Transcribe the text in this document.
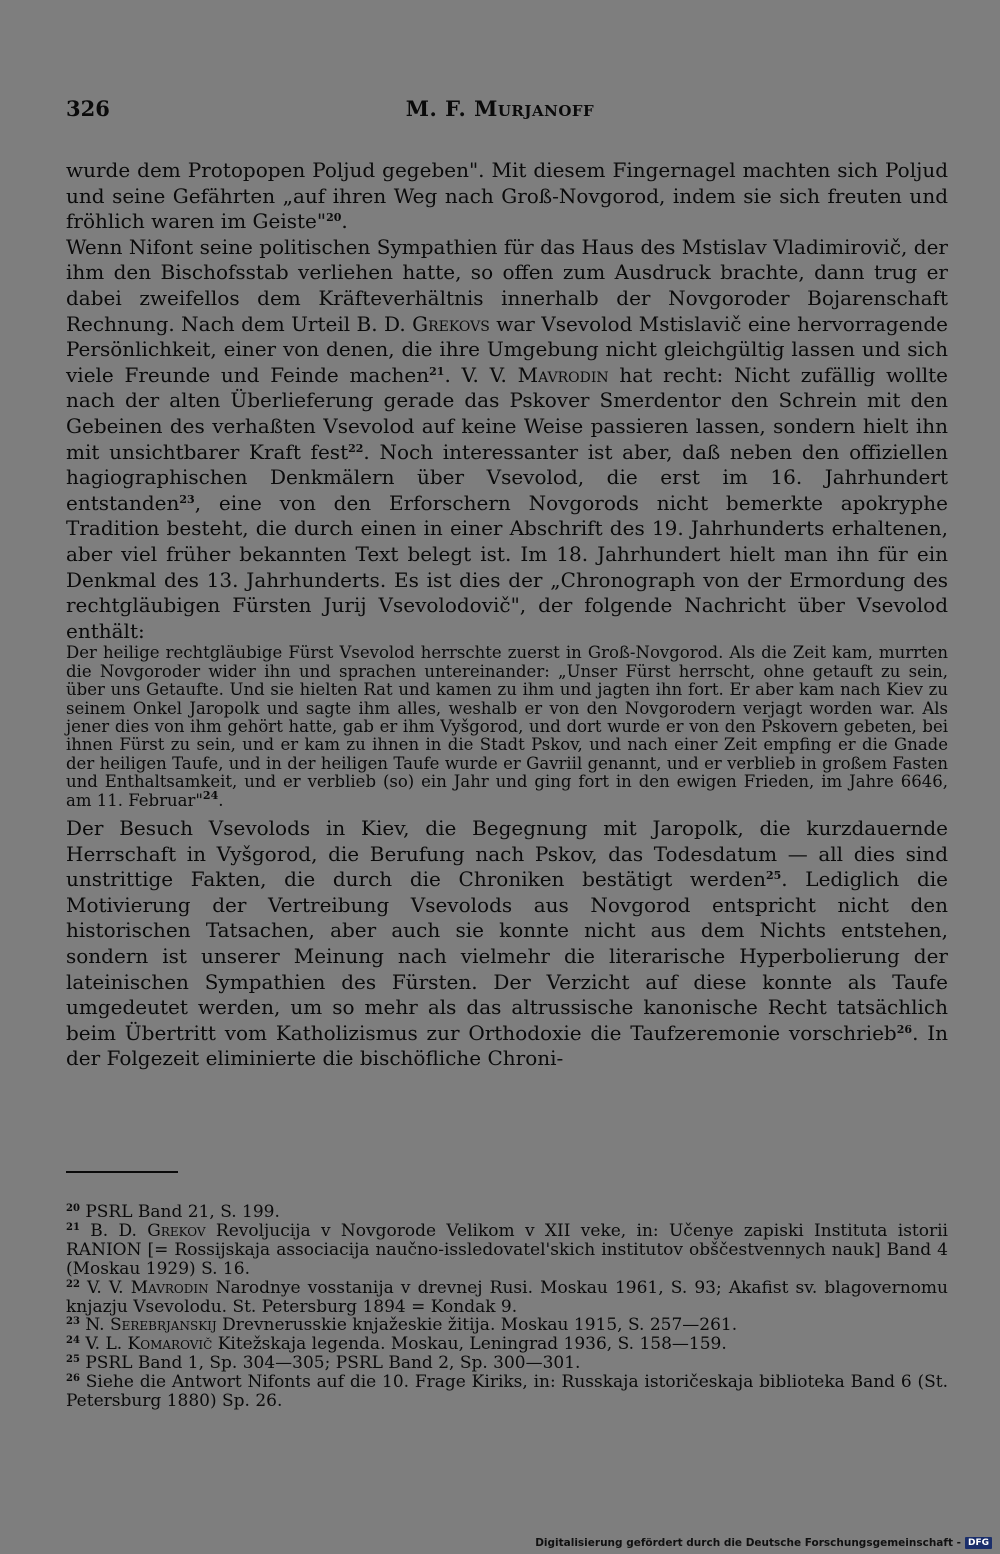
326	M. F. Murjanoff

wurde dem Protopopen Poljud gegeben". Mit diesem Fingernagel machten sich Poljud und seine Gefährten „auf ihren Weg nach Groß-Novgorod, indem sie sich freuten und fröhlich waren im Geiste"$^{20}$.

Wenn Nifont seine politischen Sympathien für das Haus des Mstislav Vladimirovič, der ihm den Bischofsstab verliehen hatte, so offen zum Ausdruck brachte, dann trug er dabei zweifellos dem Kräfteverhältnis innerhalb der Novgoroder Bojarenschaft Rechnung. Nach dem Urteil B. D. Grekovs war Vsevolod Mstislavič eine hervorragende Persönlichkeit, einer von denen, die ihre Umgebung nicht gleichgültig lassen und sich viele Freunde und Feinde machen$^{21}$. V. V. Mavrodin hat recht: Nicht zufällig wollte nach der alten Überlieferung gerade das Pskover Smerdentor den Schrein mit den Gebeinen des verhaßten Vsevolod auf keine Weise passieren lassen, sondern hielt ihn mit unsichtbarer Kraft fest$^{22}$. Noch interessanter ist aber, daß neben den offiziellen hagiographischen Denkmälern über Vsevolod, die erst im 16. Jahrhundert entstanden$^{23}$, eine von den Erforschern Novgorods nicht bemerkte apokryphe Tradition besteht, die durch einen in einer Abschrift des 19. Jahrhunderts erhaltenen, aber viel früher bekannten Text belegt ist. Im 18. Jahrhundert hielt man ihn für ein Denkmal des 13. Jahrhunderts. Es ist dies der „Chronograph von der Ermordung des rechtgläubigen Fürsten Jurij Vsevolodovič", der folgende Nachricht über Vsevolod enthält:

Der heilige rechtgläubige Fürst Vsevolod herrschte zuerst in Groß-Novgorod. Als die Zeit kam, murrten die Novgoroder wider ihn und sprachen untereinander: „Unser Fürst herrscht, ohne getauft zu sein, über uns Getaufte. Und sie hielten Rat und kamen zu ihm und jagten ihn fort. Er aber kam nach Kiev zu seinem Onkel Jaropolk und sagte ihm alles, weshalb er von den Novgorodern verjagt worden war. Als jener dies von ihm gehört hatte, gab er ihm Vyšgorod, und dort wurde er von den Pskovern gebeten, bei ihnen Fürst zu sein, und er kam zu ihnen in die Stadt Pskov, und nach einer Zeit empfing er die Gnade der heiligen Taufe, und in der heiligen Taufe wurde er Gavriil genannt, und er verblieb in großem Fasten und Enthaltsamkeit, und er verblieb (so) ein Jahr und ging fort in den ewigen Frieden, im Jahre 6646, am 11. Februar"$^{24}$.

Der Besuch Vsevolods in Kiev, die Begegnung mit Jaropolk, die kurzdauernde Herrschaft in Vyšgorod, die Berufung nach Pskov, das Todesdatum — all dies sind unstrittige Fakten, die durch die Chroniken bestätigt werden$^{25}$. Lediglich die Motivierung der Vertreibung Vsevolods aus Novgorod entspricht nicht den historischen Tatsachen, aber auch sie konnte nicht aus dem Nichts entstehen, sondern ist unserer Meinung nach vielmehr die literarische Hyperbolierung der lateinischen Sympathien des Fürsten. Der Verzicht auf diese konnte als Taufe umgedeutet werden, um so mehr als das altrussische kanonische Recht tatsächlich beim Übertritt vom Katholizismus zur Orthodoxie die Taufzeremonie vorschrieb$^{26}$. In der Folgezeit eliminierte die bischöfliche Chroni-

$^{20}$ PSRL Band 21, S. 199.

$^{21}$ B. D. Grekov Revoljucija v Novgorode Velikom v XII veke, in: Učenye zapiski Instituta istorii RANION [= Rossijskaja associacija naučno-issledovatel'skich institutov obščestvennych nauk] Band 4 (Moskau 1929) S. 16.

$^{22}$ V. V. Mavrodin Narodnye vosstanija v drevnej Rusi. Moskau 1961, S. 93; Akafist sv. blagovernomu knjazju Vsevolodu. St. Petersburg 1894 = Kondak 9.

$^{23}$ N. Serebrjanskij Drevnerusskie knjažeskie žitija. Moskau 1915, S. 257—261.

$^{24}$ V. L. Komarovič Kitežskaja legenda. Moskau, Leningrad 1936, S. 158—159.

$^{25}$ PSRL Band 1, Sp. 304—305; PSRL Band 2, Sp. 300—301.

$^{26}$ Siehe die Antwort Nifonts auf die 10. Frage Kiriks, in: Russkaja istoričeskaja biblioteka Band 6 (St. Petersburg 1880) Sp. 26.

Digitalisierung gefördert durch die Deutsche Forschungsgemeinschaft - DFG
